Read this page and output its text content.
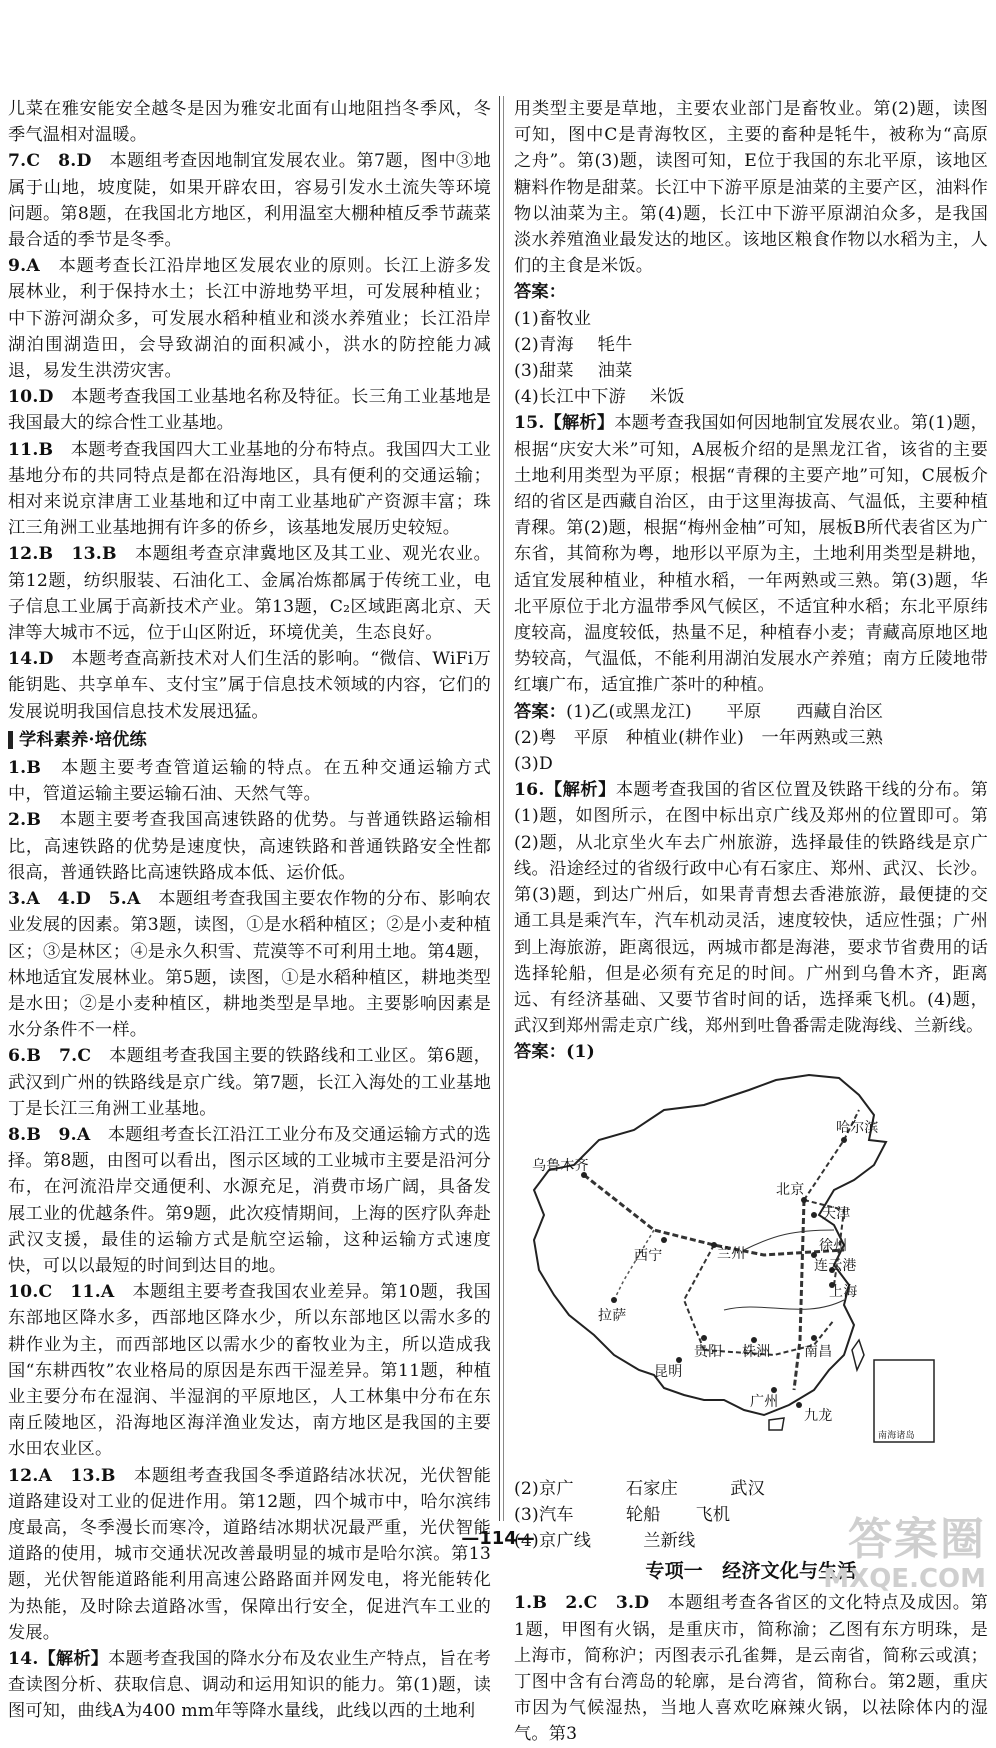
儿菜在雅安能安全越冬是因为雅安北面有山地阻挡冬季风，冬季气温相对温暖。

7.C　8.D　本题组考查因地制宜发展农业。第7题，图中③地属于山地，坡度陡，如果开辟农田，容易引发水土流失等环境问题。第8题，在我国北方地区，利用温室大棚种植反季节蔬菜最合适的季节是冬季。

9.A　本题考查长江沿岸地区发展农业的原则。长江上游多发展林业，利于保持水土；长江中游地势平坦，可发展种植业；中下游河湖众多，可发展水稻种植业和淡水养殖业；长江沿岸湖泊围湖造田，会导致湖泊的面积减小，洪水的防控能力减退，易发生洪涝灾害。

10.D　本题考查我国工业基地名称及特征。长三角工业基地是我国最大的综合性工业基地。

11.B　本题考查我国四大工业基地的分布特点。我国四大工业基地分布的共同特点是都在沿海地区，具有便利的交通运输；相对来说京津唐工业基地和辽中南工业基地矿产资源丰富；珠江三角洲工业基地拥有许多的侨乡，该基地发展历史较短。

12.B　13.B　本题组考查京津冀地区及其工业、观光农业。第12题，纺织服装、石油化工、金属冶炼都属于传统工业，电子信息工业属于高新技术产业。第13题，C₂区域距离北京、天津等大城市不远，位于山区附近，环境优美，生态良好。

14.D　本题考查高新技术对人们生活的影响。“微信、WiFi万能钥匙、共享单车、支付宝”属于信息技术领域的内容，它们的发展说明我国信息技术发展迅猛。

学科素养·培优练

1.B　本题主要考查管道运输的特点。在五种交通运输方式中，管道运输主要运输石油、天然气等。

2.B　本题主要考查我国高速铁路的优势。与普通铁路运输相比，高速铁路的优势是速度快，高速铁路和普通铁路安全性都很高，普通铁路比高速铁路成本低、运价低。

3.A　4.D　5.A　本题组考查我国主要农作物的分布、影响农业发展的因素。第3题，读图，①是水稻种植区；②是小麦种植区；③是林区；④是永久积雪、荒漠等不可利用土地。第4题，林地适宜发展林业。第5题，读图，①是水稻种植区，耕地类型是水田；②是小麦种植区，耕地类型是旱地。主要影响因素是水分条件不一样。

6.B　7.C　本题组考查我国主要的铁路线和工业区。第6题，武汉到广州的铁路线是京广线。第7题，长江入海处的工业基地丁是长江三角洲工业基地。

8.B　9.A　本题组考查长江沿江工业分布及交通运输方式的选择。第8题，由图可以看出，图示区域的工业城市主要是沿河分布，在河流沿岸交通便利、水源充足，消费市场广阔，具备发展工业的优越条件。第9题，此次疫情期间，上海的医疗队奔赴武汉支援，最佳的运输方式是航空运输，这种运输方式速度快，可以以最短的时间到达目的地。

10.C　11.A　本题组主要考查我国农业差异。第10题，我国东部地区降水多，西部地区降水少，所以东部地区以需水多的耕作业为主，而西部地区以需水少的畜牧业为主，所以造成我国“东耕西牧”农业格局的原因是东西干湿差异。第11题，种植业主要分布在湿润、半湿润的平原地区，人工林集中分布在东南丘陵地区，沿海地区海洋渔业发达，南方地区是我国的主要水田农业区。

12.A　13.B　本题组考查我国冬季道路结冰状况，光伏智能道路建设对工业的促进作用。第12题，四个城市中，哈尔滨纬度最高，冬季漫长而寒冷，道路结冰期状况最严重，光伏智能道路的使用，城市交通状况改善最明显的城市是哈尔滨。第13题，光伏智能道路能利用高速公路路面并网发电，将光能转化为热能，及时除去道路冰雪，保障出行安全，促进汽车工业的发展。

14.【解析】本题考查我国的降水分布及农业生产特点，旨在考查读图分析、获取信息、调动和运用知识的能力。第(1)题，读图可知，曲线A为400 mm年等降水量线，此线以西的土地利

用类型主要是草地，主要农业部门是畜牧业。第(2)题，读图可知，图中C是青海牧区，主要的畜种是牦牛，被称为“高原之舟”。第(3)题，读图可知，E位于我国的东北平原，该地区糖料作物是甜菜。长江中下游平原是油菜的主要产区，油料作物以油菜为主。第(4)题，长江中下游平原湖泊众多，是我国淡水养殖渔业最发达的地区。该地区粮食作物以水稻为主，人们的主食是米饭。

答案：
(1)畜牧业
(2)青海 牦牛
(3)甜菜 油菜
(4)长江中下游 米饭

15.【解析】本题考查我国如何因地制宜发展农业。第(1)题，根据“庆安大米”可知，A展板介绍的是黑龙江省，该省的主要土地利用类型为平原；根据“青稞的主要产地”可知，C展板介绍的省区是西藏自治区，由于这里海拔高、气温低，主要种植青稞。第(2)题，根据“梅州金柚”可知，展板B所代表省区为广东省，其简称为粤，地形以平原为主，土地利用类型是耕地，适宜发展种植业，种植水稻，一年两熟或三熟。第(3)题，华北平原位于北方温带季风气候区，不适宜种水稻；东北平原纬度较高，温度较低，热量不足，种植春小麦；青藏高原地区地势较高，气温低，不能利用湖泊发展水产养殖；南方丘陵地带红壤广布，适宜推广茶叶的种植。

答案：(1)乙(或黑龙江)　　 平原　　 西藏自治区
(2)粤　 平原　 种植业(耕作业)　 一年两熟或三熟
(3)D

16.【解析】本题考查我国的省区位置及铁路干线的分布。第(1)题，如图所示，在图中标出京广线及郑州的位置即可。第(2)题，从北京坐火车去广州旅游，选择最佳的铁路线是京广线。沿途经过的省级行政中心有石家庄、郑州、武汉、长沙。第(3)题，到达广州后，如果青青想去香港旅游，最便捷的交通工具是乘汽车，汽车机动灵活，速度较快，适应性强；广州到上海旅游，距离很远，两城市都是海港，要求节省费用的话选择轮船，但是必须有充足的时间。广州到乌鲁木齐，距离远、有经济基础、又要节省时间的话，选择乘飞机。(4)题，武汉到郑州需走京广线，郑州到吐鲁番需走陇海线、兰新线。

答案：(1)
乌鲁木齐
哈尔滨
北京
天津
西宁	兰州	徐州
连云港
上海
拉萨
贵阳 株洲 南昌
昆明
广州
九龙
南海诸岛
(2)京广　　　	石家庄　　　	武汉
(3)汽车　　　	轮船　　 飞机
(4)京广线　　　	兰新线
专项一　经济文化与生活

1.B　2.C　3.D　本题组考查各省区的文化特点及成因。第1题，甲图有火锅，是重庆市，简称渝；乙图有东方明珠，是上海市，简称沪；丙图表示孔雀舞，是云南省，简称云或滇；丁图中含有台湾岛的轮廓，是台湾省，简称台。第2题，重庆市因为气候湿热，当地人喜欢吃麻辣火锅，以祛除体内的湿气。第3

—114—	答案圈
MXQE.COM
